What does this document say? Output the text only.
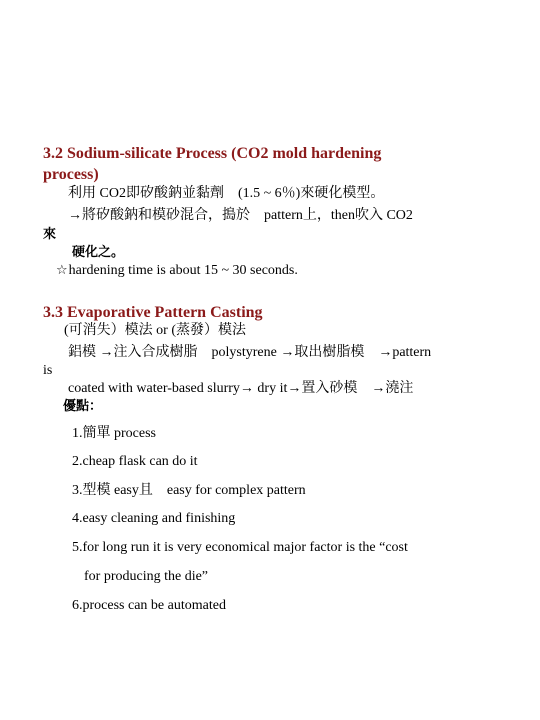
3.2 Sodium-silicate Process (CO2 mold hardening
process)
利用 CO2即矽酸鈉並黏劑　(1.5 ~ 6％)來硬化模型。
→將矽酸鈉和模砂混合，搗於　pattern上，then吹入 CO2
來
硬化之。
☆hardening time is about 15 ~ 30 seconds.
3.3 Evaporative Pattern Casting
(可消失）模法 or (蒸發）模法
鋁模 →注入合成樹脂　polystyrene →取出樹脂模　→pattern
is
coated with water-based slurry→ dry it→置入砂模　→澆注
優點：
1.簡單 process
2.cheap flask can do it
3.型模 easy且　easy for complex pattern
4.easy cleaning and finishing
5.for long run it is very economical major factor is the “cost
for producing the die”
6.process can be automated
